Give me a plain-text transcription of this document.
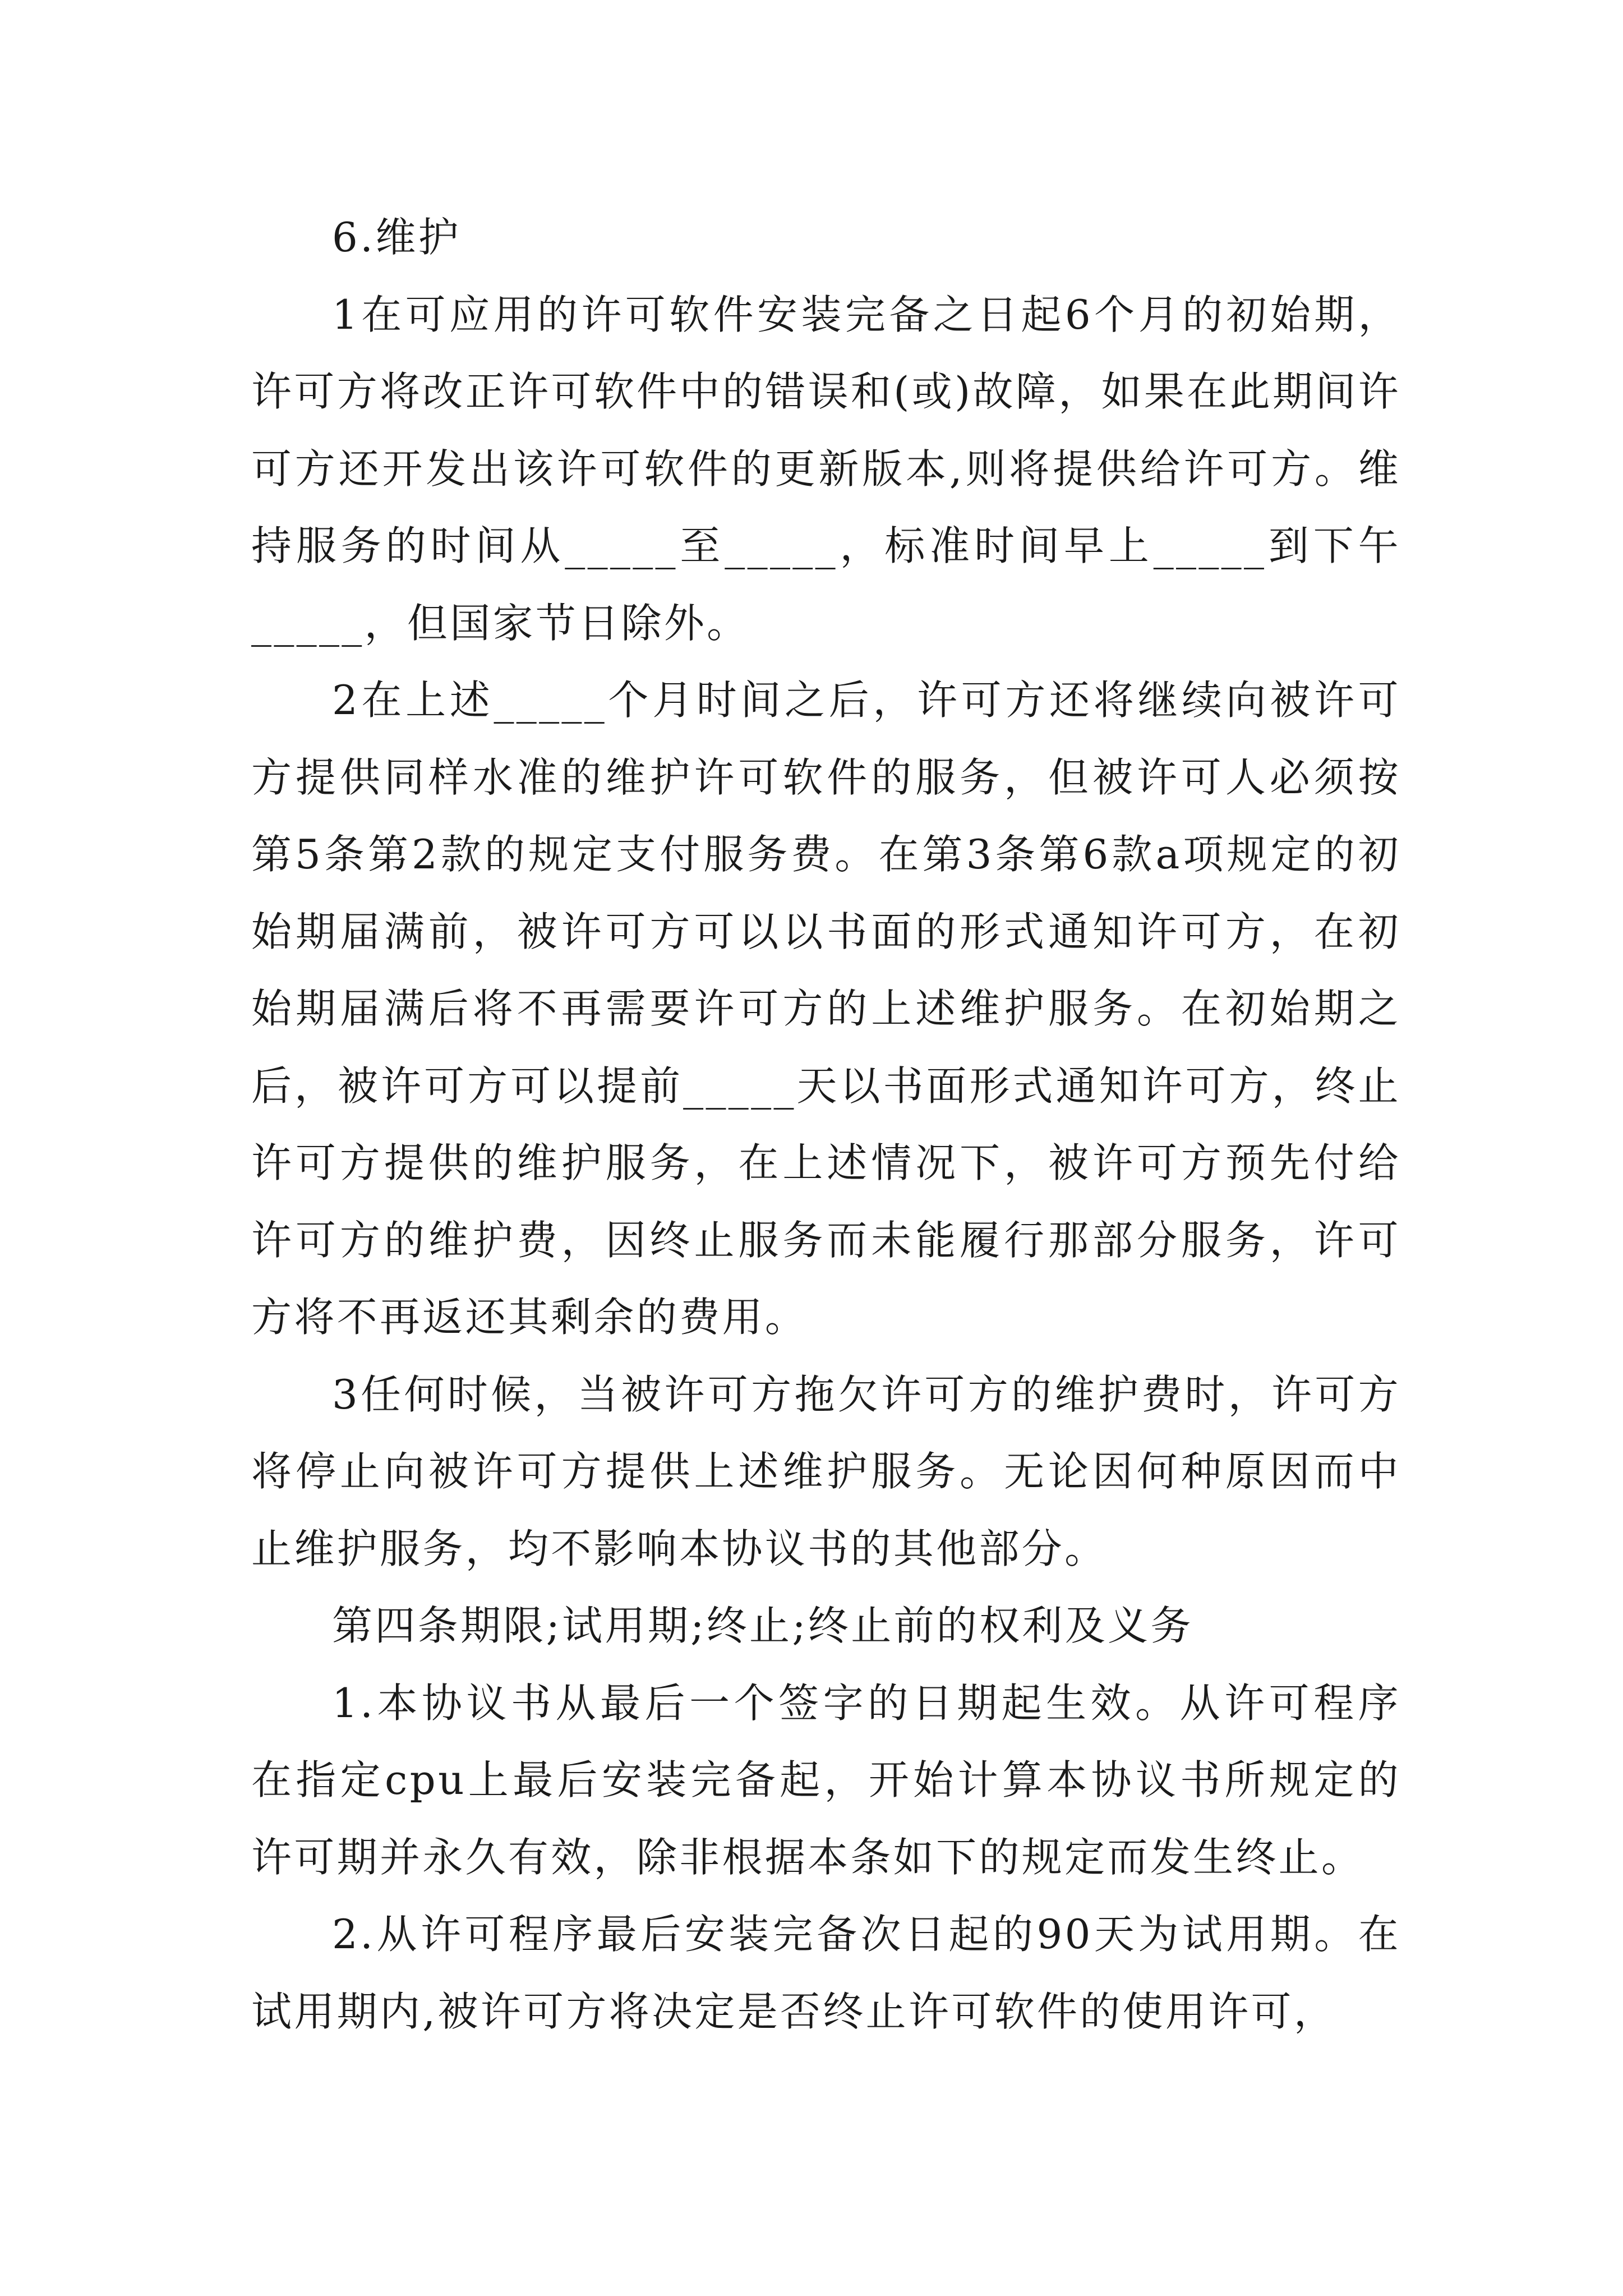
6.维护

1在可应用的许可软件安装完备之日起6个月的初始期，许可方将改正许可软件中的错误和(或)故障，如果在此期间许可方还开发出该许可软件的更新版本,则将提供给许可方。维持服务的时间从_____至_____，标准时间早上_____到下午_____，但国家节日除外。

2在上述_____个月时间之后，许可方还将继续向被许可方提供同样水准的维护许可软件的服务，但被许可人必须按第5条第2款的规定支付服务费。在第3条第6款a项规定的初始期届满前，被许可方可以以书面的形式通知许可方，在初始期届满后将不再需要许可方的上述维护服务。在初始期之后，被许可方可以提前_____天以书面形式通知许可方，终止许可方提供的维护服务，在上述情况下，被许可方预先付给许可方的维护费，因终止服务而未能履行那部分服务，许可方将不再返还其剩余的费用。

3任何时候，当被许可方拖欠许可方的维护费时，许可方将停止向被许可方提供上述维护服务。无论因何种原因而中止维护服务，均不影响本协议书的其他部分。

第四条期限;试用期;终止;终止前的权利及义务

1.本协议书从最后一个签字的日期起生效。从许可程序在指定cpu上最后安装完备起，开始计算本协议书所规定的许可期并永久有效，除非根据本条如下的规定而发生终止。

2.从许可程序最后安装完备次日起的90天为试用期。在试用期内,被许可方将决定是否终止许可软件的使用许可，
